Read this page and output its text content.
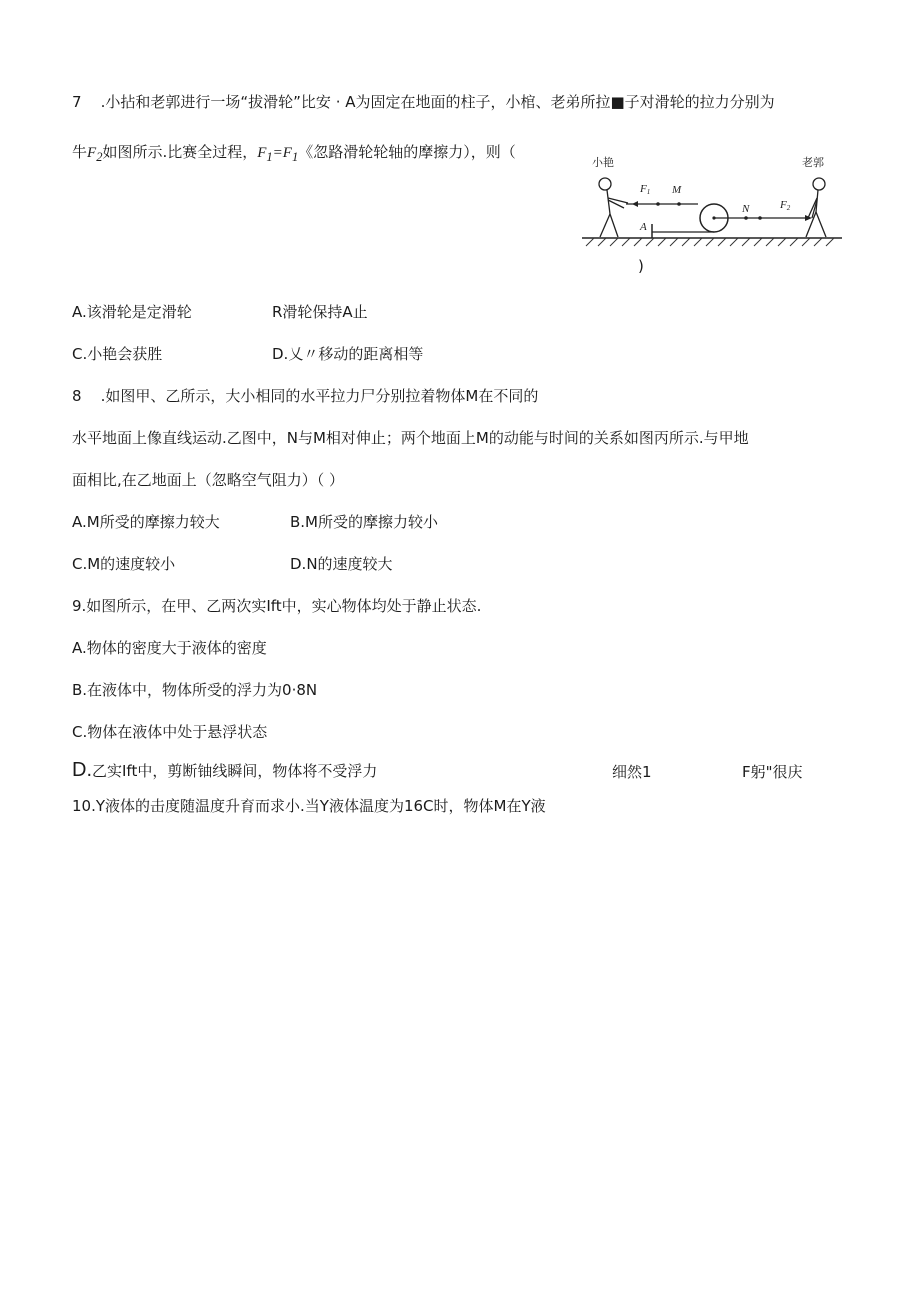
7 .小拈和老郭进行一场“拔滑轮”比安 · A为固定在地面的柱子，小棺、老弟所拉■子对滑轮的拉力分别为
牛$F_2$如图所示.比赛全过程，$F_1=F_1$《忽路滑轮轮轴的摩擦力），则（
小艳
F1 M
A
N	F2
老郭
)
A.该滑轮是定滑轮	R滑轮保持A止
C.小艳会获胜	D.乂〃移动的距离相等
8 .如图甲、乙所示，大小相同的水平拉力尸分别拉着物体M在不同的
水平地面上像直线运动.乙图中，N与M相对伸止；两个地面上M的动能与时间的关系如图丙所示.与甲地
面相比,在乙地面上（忽略空气阻力）（ ）
A.M所受的摩擦力较大	B.M所受的摩擦力较小
C.M的速度较小	D.N的速度较大
9.如图所示，在甲、乙两次实Ift中，实心物体均处于静止状态.
A.物体的密度大于液体的密度
B.在液体中，物体所受的浮力为0·8N
C.物体在液体中处于悬浮状态
D.乙实Ift中，剪断铀线瞬间，物体将不受浮力	细然1	F躬"很庆
10.Y液体的击度随温度升育而求小.当Y液体温度为16C时，物体M在Y液
